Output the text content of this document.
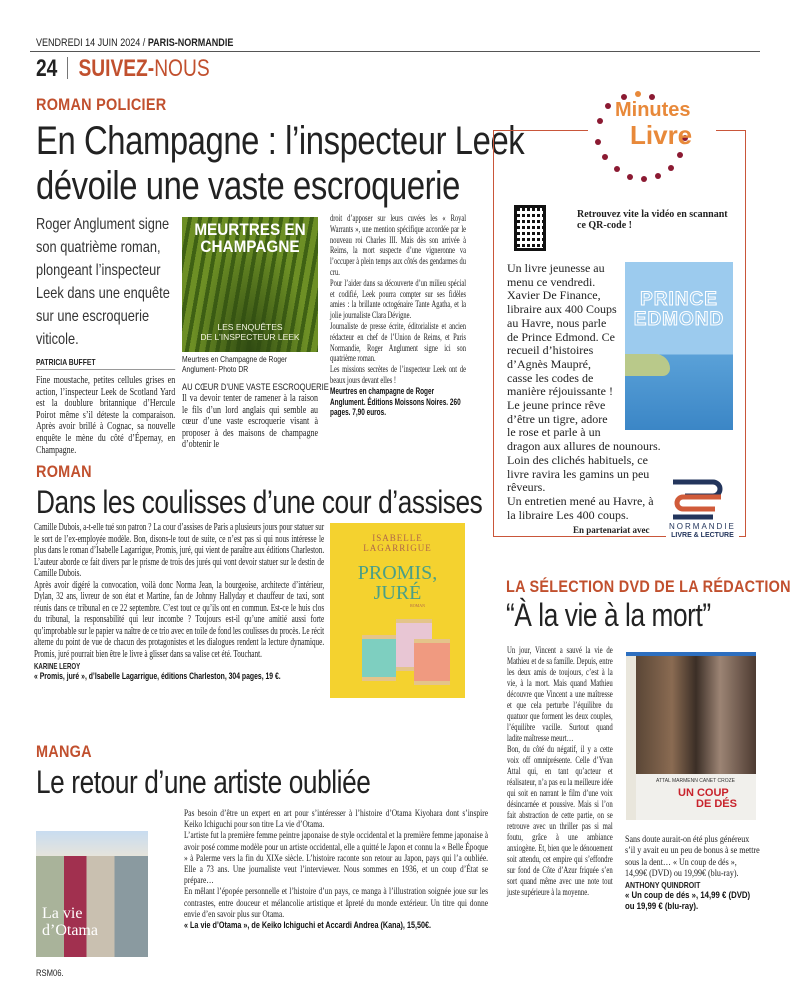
VENDREDI 14 JUIN 2024 / PARIS-NORMANDIE
24 SUIVEZ-NOUS
ROMAN POLICIER
En Champagne : l’inspecteur Leek
dévoile une vaste escroquerie
Roger Anglument signe son quatrième roman, plongeant l’inspecteur Leek dans une enquête sur une escroquerie viticole.
PATRICIA BUFFET
Fine moustache, petites cellules grises en action, l’inspecteur Leek de Scotland Yard est la doublure britannique d’Hercule Poirot même s’il déteste la comparaison. Après avoir brillé à Cognac, sa nouvelle enquête le mène du côté d’Épernay, en Champagne.
MEURTRES EN
CHAMPAGNE
LES ENQUÊTES
DE L’INSPECTEUR LEEK
Meurtres en Champagne de Roger Anglument- Photo DR
AU CŒUR D’UNE VASTE ESCROQUERIE
Il va devoir tenter de ramener à la raison le fils d’un lord anglais qui semble au cœur d’une vaste escroquerie visant à proposer à des maisons de champagne d’obtenir le

droit d’apposer sur leurs cuvées les « Royal Warrants », une mention spécifique accordée par le nouveau roi Charles III. Mais dès son arrivée à Reims, la mort suspecte d’une vigneronne va l’occuper à plein temps aux côtés des gendarmes du cru.

Pour l’aider dans sa découverte d’un milieu spécial et codifié, Leek pourra compter sur ses fidèles amies : la brillante octogénaire Tante Agatha, et la jolie journaliste Clara Dévigne.

Journaliste de presse écrite, éditorialiste et ancien rédacteur en chef de l’Union de Reims, et Paris Normandie, Roger Anglument signe ici son quatrième roman.

Les missions secrètes de l’inspecteur Leek ont de beaux jours devant elles !

Meurtres en champagne de Roger Anglument. Éditions Moissons Noires. 260 pages. 7,90 euros.

Minutes
Livre
Retrouvez vite la vidéo en scannant ce QR-code !
PRINCE
EDMOND

Un livre jeunesse au menu ce vendredi. Xavier De Finance, libraire aux 400 Coups au Havre, nous parle de Prince Edmond. Ce recueil d’histoires d’Agnès Maupré, casse les codes de manière réjouissante ! Le jeune prince rêve d’être un tigre, adore le rose et parle à un dragon aux allures de nounours. Loin des clichés habituels, ce livre ravira les gamins un peu rêveurs.

Un entretien mené au Havre, à la libraire Les 400 coups.

En partenariat avec	NORMANDIE
LIVRE & LECTURE
ROMAN
Dans les coulisses d’une cour d’assises

Camille Dubois, a-t-elle tué son patron ? La cour d’assises de Paris a plusieurs jours pour statuer sur le sort de l’ex-employée modèle. Bon, disons-le tout de suite, ce n’est pas si qui nous intéresse le plus dans le roman d’Isabelle Lagarrigue, Promis, juré, qui vient de paraître aux éditions Charleston. L’auteur aborde ce fait divers par le prisme de trois des jurés qui vont devoir statuer sur le destin de Camille Dubois.

Après avoir digéré la convocation, voilà donc Norma Jean, la bourgeoise, architecte d’intérieur, Dylan, 32 ans, livreur de son état et Martine, fan de Johnny Hallyday et chauffeur de taxi, sont réunis dans ce tribunal en ce 22 septembre. C’est tout ce qu’ils ont en commun. Est-ce le huis clos du tribunal, la responsabilité qui leur incombe ? Toujours est-il qu’une amitié aussi forte qu’improbable sur le papier va naître de ce trio avec en toile de fond les coulisses du procès. Le récit alterne du point de vue de chacun des protagonistes et les dialogues rendent la lecture dynamique. Promis, juré pourrait bien être le livre à glisser dans sa valise cet été. Touchant.

KARINE LEROY
« Promis, juré », d’Isabelle Lagarrigue, éditions Charleston, 304 pages, 19 €.
ISABELLE
LAGARRIGUE
PROMIS,
JURÉ
ROMAN
LA SÉLECTION DVD DE LA RÉDACTION
“À la vie à la mort”

Un jour, Vincent a sauvé la vie de Mathieu et de sa famille. Depuis, entre les deux amis de toujours, c’est à la vie, à la mort. Mais quand Mathieu découvre que Vincent a une maîtresse et que cela perturbe l’équilibre du quatuor que forment les deux couples, l’équilibre vacille. Surtout quand ladite maîtresse meurt…

Bon, du côté du négatif, il y a cette voix off omniprésente. Celle d’Yvan Attal qui, en tant qu’acteur et réalisateur, n’a pas eu la meilleure idée qui soit en narrant le film d’une voix désincarnée et poussive. Mais si l’on fait abstraction de cette partie, on se retrouve avec un thriller pas si mal foutu, grâce à une ambiance anxiogène. Et, bien que le dénouement soit attendu, cet empire qui s’effondre sur fond de Côte d’Azur friquée s’en sort quand même avec une note tout juste supérieure à la moyenne.

ATTAL MARMENN CANET CROZE
UN COUP
DE DÉS
Sans doute aurait-on été plus généreux s’il y avait eu un peu de bonus à se mettre sous la dent… « Un coup de dés », 14,99€ (DVD) ou 19,99€ (blu-ray).
ANTHONY QUINDROIT
« Un coup de dés », 14,99 € (DVD) ou 19,99 € (blu-ray).
MANGA
Le retour d’une artiste oubliée
La vie
d’Otama

Pas besoin d’être un expert en art pour s’intéresser à l’histoire d’Otama Kiyohara dont s’inspire Keiko Ichiguchi pour son titre La vie d’Otama.

L’artiste fut la première femme peintre japonaise de style occidental et la première femme japonaise à avoir posé comme modèle pour un artiste occidental, elle a quitté le Japon et connu la « Belle Époque » à Palerme vers la fin du XIXe siècle. L’histoire raconte son retour au Japon, pays qui l’a oubliée. Elle a 73 ans. Une journaliste veut l’interviewer. Nous sommes en 1936, et un coup d’État se prépare…

En mêlant l’épopée personnelle et l’histoire d’un pays, ce manga à l’illustration soignée joue sur les contrastes, entre douceur et mélancolie artistique et âpreté du monde extérieur. Un titre qui donne envie d’en savoir plus sur Otama.

« La vie d’Otama », de Keiko Ichiguchi et Accardi Andrea (Kana), 15,50€.

RSM06.
